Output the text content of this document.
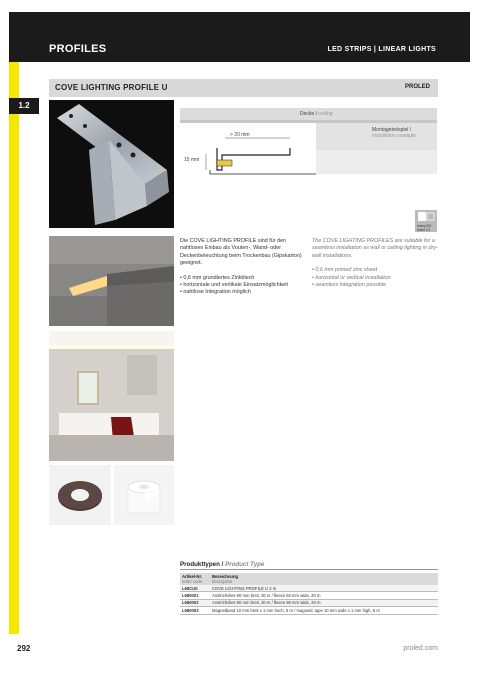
PROFILES	LED STRIPS | LINEAR LIGHTS
1.2
COVE LIGHTING PROFILE U	PROLED
Decke / ceiling
> 20 mm
15 mm
Montagebeispiel /
installation example
heavy EM sheet 1/1

Die COVE LIGHTING PROFILE sind für den nahtlosen Einbau als Vouten-, Wand- oder Deckenbeleuchtung beim Trockenbau (Gipskarton) geeignet.

• 0,6 mm grundiertes Zinkblech
• horizontale und vertikale Einsatzmöglichkeit
• nahtlose Integration möglich

The COVE LIGHTING PROFILES are suitable for a seamless installation as wall or ceiling lighting in dry-wall installations.

• 0,6 mm primed zinc sheet
• horizontal or vertical installation
• seamless integration possible
Produkttypen / Product Type
Artikel-Nr.
order code	Bezeichnung
description

L68CU0	COVE LIGHTING PROFILE U 2 m
L680001	Anstrichvlies 60 mm breit, 20 m / fleece 60 mm wide, 20 m
L680002	Anstrichvlies 90 mm breit, 20 m / fleece 90 mm wide, 20 m
L680003	Magnetband 10 mm breit x 1 mm hoch, 5 m / magnetic tape 10 mm wide x 1 mm high, 5 m
292	proled.com
